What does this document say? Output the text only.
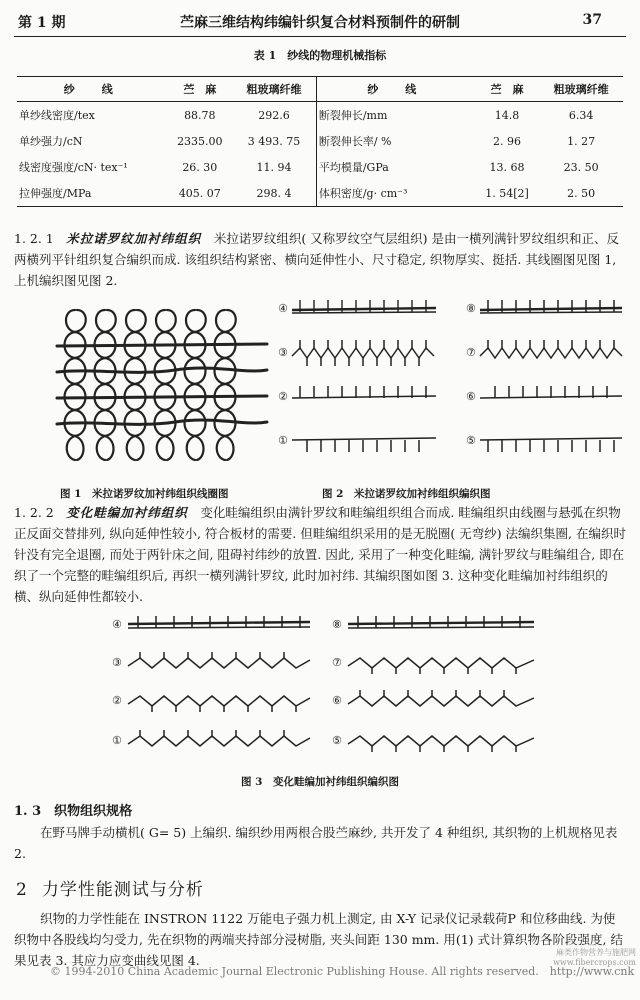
第 1 期	苎麻三维结构纬编针织复合材料预制件的研制	37
表 1　纱线的物理机械指标
纱　线	苎　麻	粗玻璃纤维	纱　线	苎　麻	粗玻璃纤维
单纱线密度/tex	88.78	292.6	断裂伸长/mm	14.8	6.34
单纱强力/cN	2335.00	3 493. 75	断裂伸长率/ %	2. 96	1. 27
线密度强度/cN· tex⁻¹	26. 30	11. 94	平均模量/GPa	13. 68	23. 50
拉伸强度/MPa	405. 07	298. 4	体积密度/g· cm⁻³	1. 54[2]	2. 50

1. 2. 1　 米拉诺罗纹加衬纬组织　 米拉诺罗纹组织( 又称罗纹空气层组织) 是由一横列满针罗纹组织和正、反两横列平针组织复合编织而成. 该组织结构紧密、横向延伸性小、尺寸稳定, 织物厚实、挺括. 其线圈图见图 1, 上机编织图见图 2.

④
③
②
①
⑧
⑦
⑥
⑤
图 1　米拉诺罗纹加衬纬组织线圈图	图 2　米拉诺罗纹加衬纬组织编织图

1. 2. 2　 变化畦编加衬纬组织　 变化畦编组织由满针罗纹和畦编组织组合而成. 畦编组织由线圈与悬弧在织物正反面交替排列, 纵向延伸性较小, 符合板材的需要. 但畦编组织采用的是无脱圈( 无弯纱) 法编织集圈, 在编织时针没有完全退圈, 而处于两针床之间, 阻碍衬纬纱的放置. 因此, 采用了一种变化畦编, 满针罗纹与畦编组合, 即在织了一个完整的畦编组织后, 再织一横列满针罗纹, 此时加衬纬. 其编织图如图 3. 这种变化畦编加衬纬组织的横、纵向延伸性都较小.

④
③
②
①
⑧
⑦
⑥
⑤
图 3　变化畦编加衬纬组织编织图
1. 3　 织物组织规格

在野马牌手动横机( G= 5) 上编织. 编织纱用两根合股苎麻纱, 共开发了 4 种组织, 其织物的上机规格见表 2.

2 力学性能测试与分析

织物的力学性能在 INSTRON 1122 万能电子强力机上测定, 由 X-Y 记录仪记录载荷P 和位移曲线. 为使织物中各股线均匀受力, 先在织物的两端夹持部分浸树脂, 夹头间距 130 mm. 用(1) 式计算织物各阶段强度, 结果见表 3. 其应力应变曲线见图 4.

© 1994-2010 China Academic Journal Electronic Publishing House. All rights reserved.　http://www.cnk
麻类作物营养与施肥网 www.fibercrops.com
